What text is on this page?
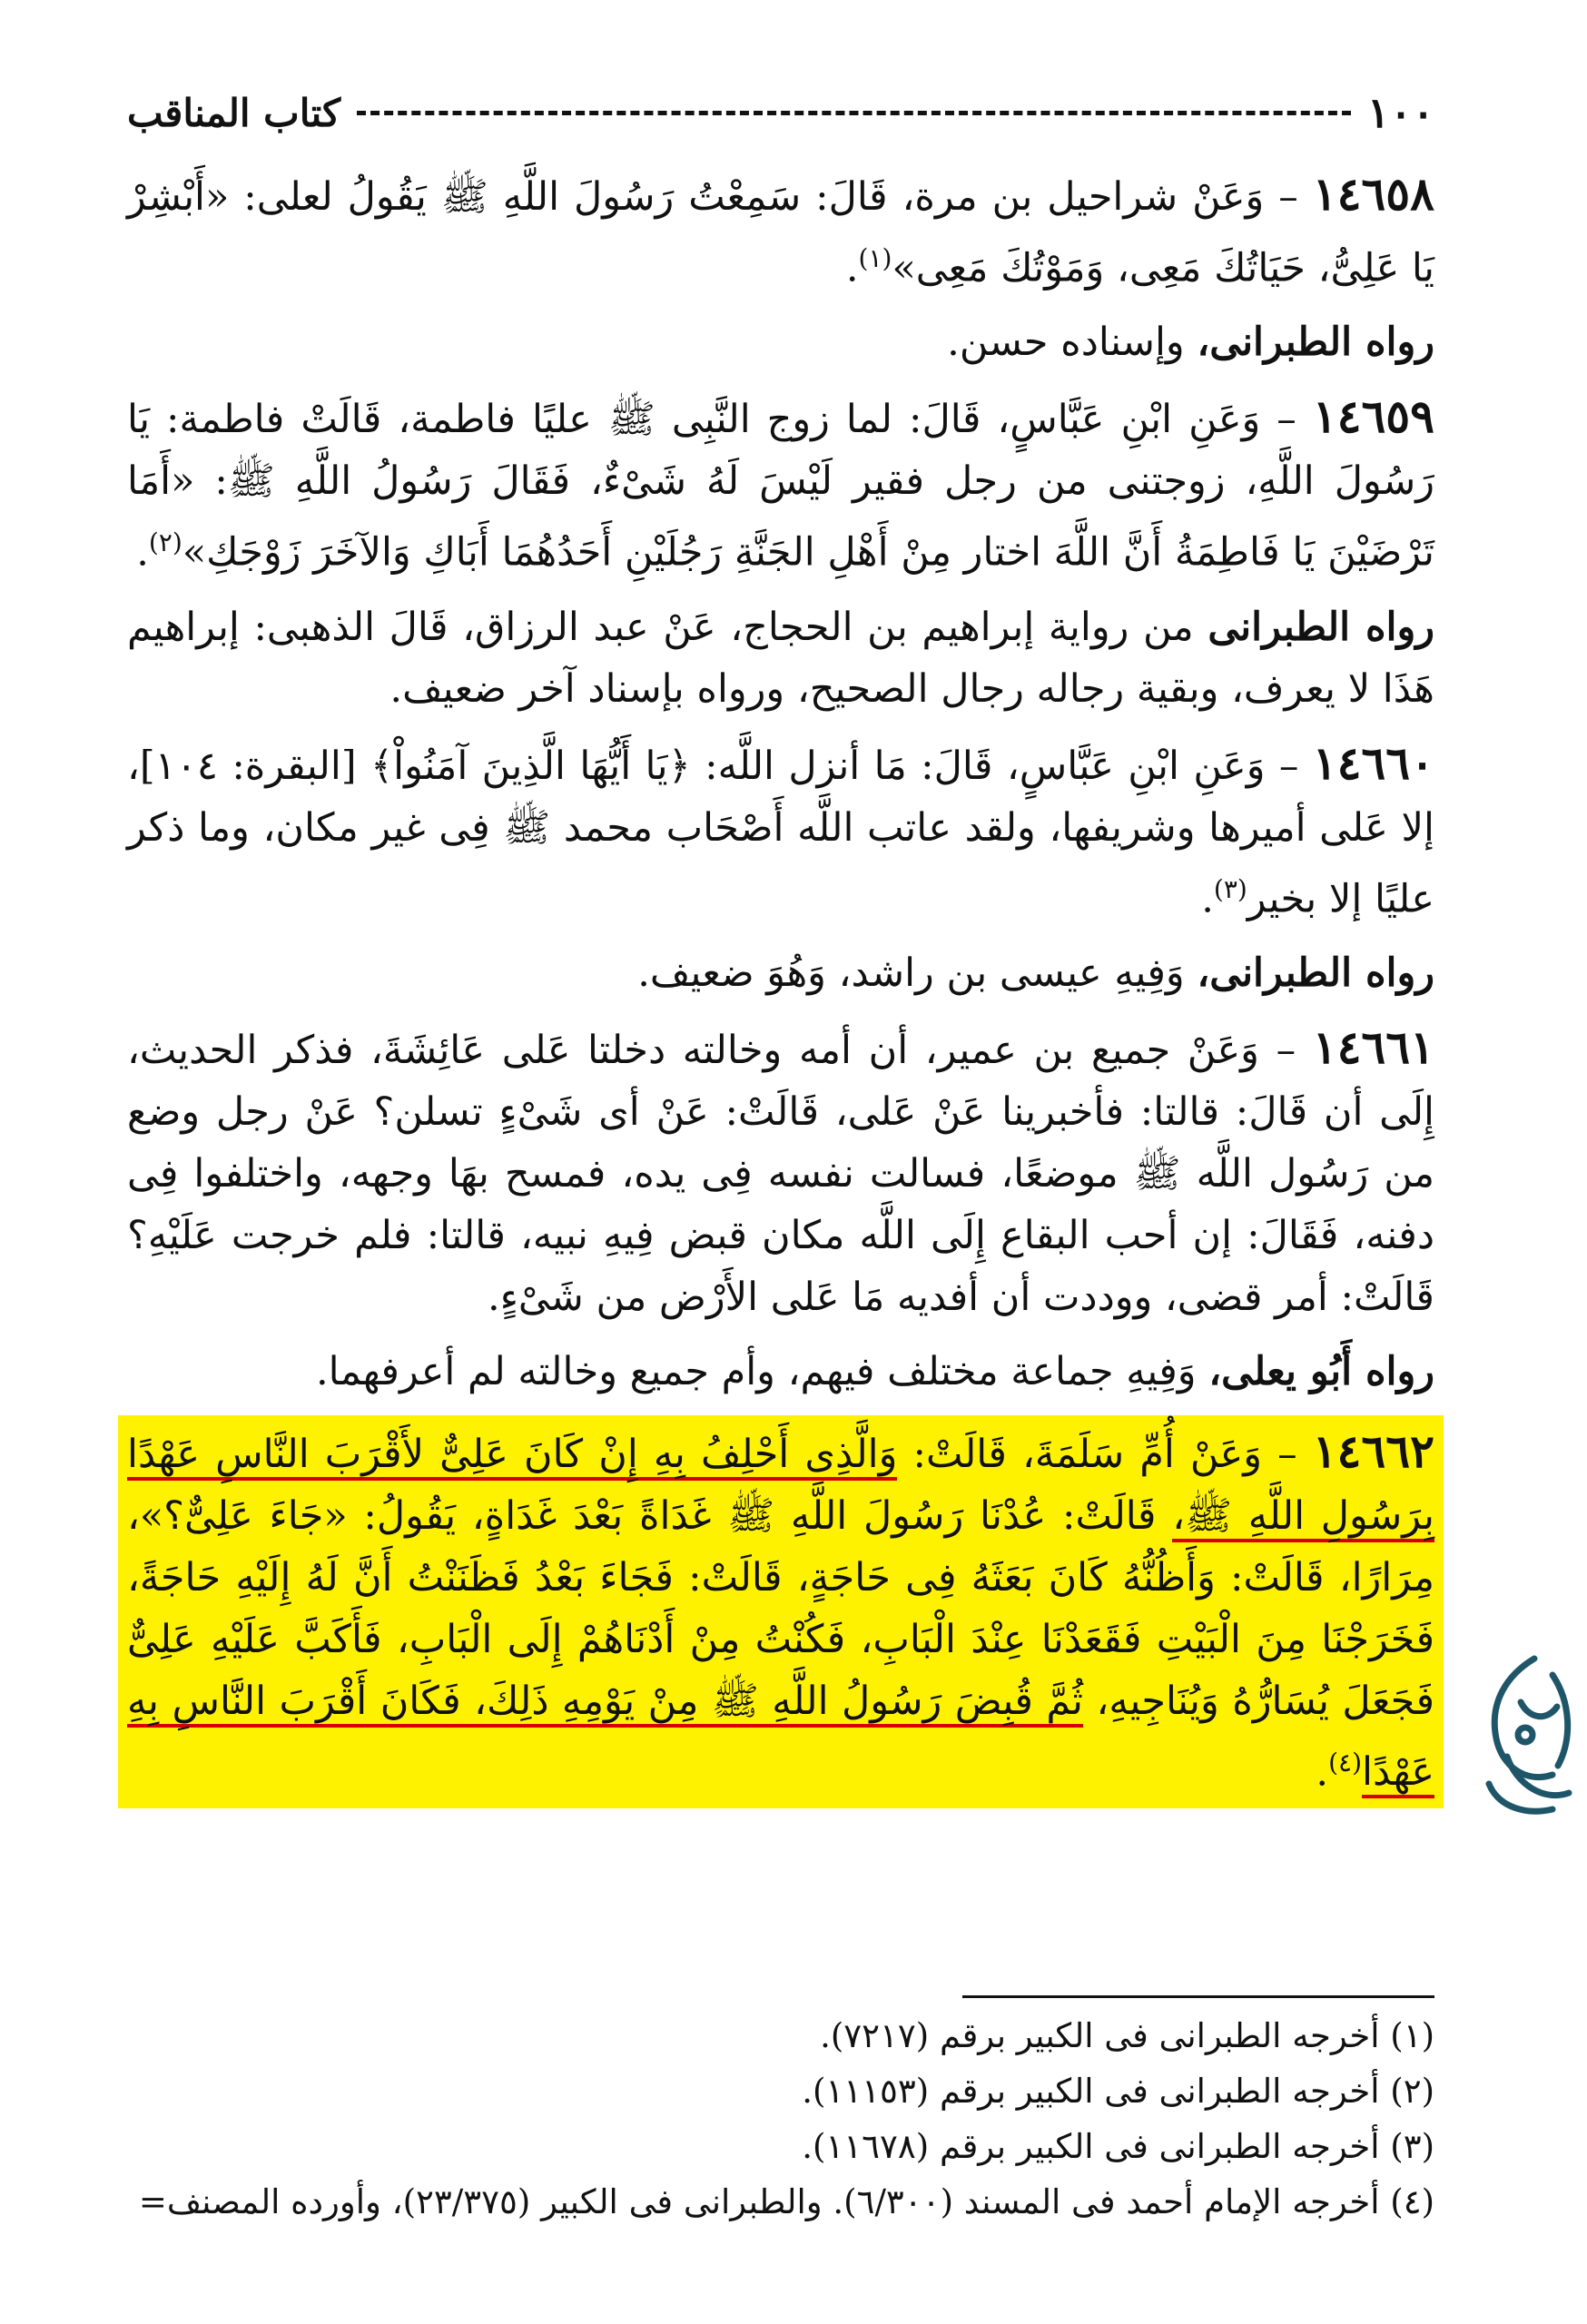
١٠٠
كتاب المناقب

١٤٦٥٨ – وَعَنْ شراحيل بن مرة، قَالَ: سَمِعْتُ رَسُولَ اللَّهِ ﷺ يَقُولُ لعلى: «أَبْشِرْ يَا عَلِىُّ، حَيَاتُكَ مَعِى، وَمَوْتُكَ مَعِى»$^{(١)}$.

رواه الطبرانى، وإسناده حسن.

١٤٦٥٩ – وَعَنِ ابْنِ عَبَّاسٍ، قَالَ: لما زوج النَّبِى ﷺ عليًا فاطمة، قَالَتْ فاطمة: يَا رَسُولَ اللَّهِ، زوجتنى من رجل فقير لَيْسَ لَهُ شَىْءٌ، فَقَالَ رَسُولُ اللَّهِ ﷺ: «أَمَا تَرْضَيْنَ يَا فَاطِمَةُ أَنَّ اللَّهَ اختار مِنْ أَهْلِ الجَنَّةِ رَجُلَيْنِ أَحَدُهُمَا أَبَاكِ وَالآخَرَ زَوْجَكِ»$^{(٢)}$.

رواه الطبرانى من رواية إبراهيم بن الحجاج، عَنْ عبد الرزاق، قَالَ الذهبى: إبراهيم هَذَا لا يعرف، وبقية رجاله رجال الصحيح، ورواه بإسناد آخر ضعيف.

١٤٦٦٠ – وَعَنِ ابْنِ عَبَّاسٍ، قَالَ: مَا أنزل اللَّه: ﴿يَا أَيُّهَا الَّذِينَ آمَنُواْ﴾ [البقرة: ١٠٤]، إلا عَلى أميرها وشريفها، ولقد عاتب اللَّه أَصْحَاب محمد ﷺ فِى غير مكان، وما ذكر عليًا إلا بخير$^{(٣)}$.

رواه الطبرانى، وَفِيهِ عيسى بن راشد، وَهُوَ ضعيف.

١٤٦٦١ – وَعَنْ جميع بن عمير، أن أمه وخالته دخلتا عَلى عَائِشَةَ، فذكر الحديث، إِلَى أن قَالَ: قالتا: فأخبرينا عَنْ عَلى، قَالَتْ: عَنْ أى شَىْءٍ تسلن؟ عَنْ رجل وضع من رَسُول اللَّه ﷺ موضعًا، فسالت نفسه فِى يده، فمسح بهَا وجهه، واختلفوا فِى دفنه، فَقَالَ: إن أحب البقاع إِلَى اللَّه مكان قبض فِيهِ نبيه، قالتا: فلم خرجت عَلَيْهِ؟ قَالَتْ: أمر قضى، ووددت أن أفديه مَا عَلى الأَرْض من شَىْءٍ.

رواه أَبُو يعلى، وَفِيهِ جماعة مختلف فيهم، وأم جميع وخالته لم أعرفهما.

١٤٦٦٢ – وَعَنْ أُمِّ سَلَمَةَ، قَالَتْ: وَالَّذِى أَحْلِفُ بِهِ إِنْ كَانَ عَلِىٌّ لأَقْرَبَ النَّاسِ عَهْدًا بِرَسُولِ اللَّهِ ﷺ، قَالَتْ: عُدْنَا رَسُولَ اللَّهِ ﷺ غَدَاةً بَعْدَ غَدَاةٍ، يَقُولُ: «جَاءَ عَلِىٌّ؟»، مِرَارًا، قَالَتْ: وَأَظُنُّهُ كَانَ بَعَثَهُ فِى حَاجَةٍ، قَالَتْ: فَجَاءَ بَعْدُ فَظَنَنْتُ أَنَّ لَهُ إِلَيْهِ حَاجَةً، فَخَرَجْنَا مِنَ الْبَيْتِ فَقَعَدْنَا عِنْدَ الْبَابِ، فَكُنْتُ مِنْ أَدْنَاهُمْ إِلَى الْبَابِ، فَأَكَبَّ عَلَيْهِ عَلِىٌّ فَجَعَلَ يُسَارُّهُ وَيُنَاجِيهِ، ثُمَّ قُبِضَ رَسُولُ اللَّهِ ﷺ مِنْ يَوْمِهِ ذَلِكَ، فَكَانَ أَقْرَبَ النَّاسِ بِهِ عَهْدًا$^{(٤)}$.

(١) أخرجه الطبرانى فى الكبير برقم (٧٢١٧).
(٢) أخرجه الطبرانى فى الكبير برقم (١١١٥٣).
(٣) أخرجه الطبرانى فى الكبير برقم (١١٦٧٨).
(٤) أخرجه الإمام أحمد فى المسند (٦/٣٠٠). والطبرانى فى الكبير (٢٣/٣٧٥)، وأورده المصنف=
